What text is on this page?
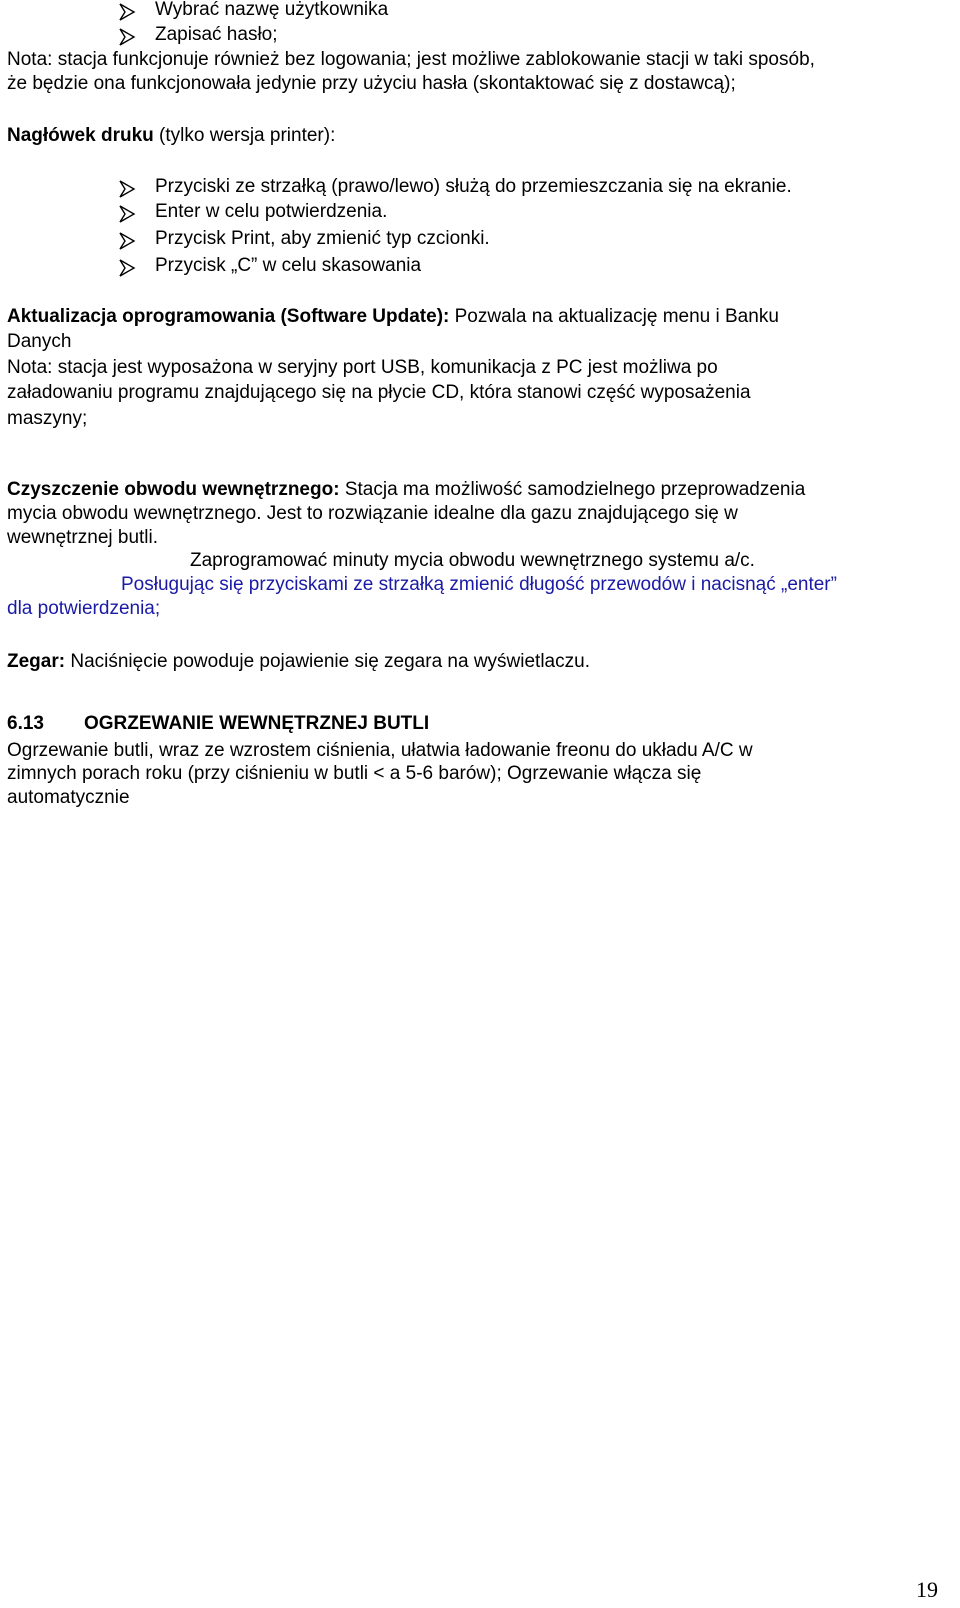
Wybrać nazwę użytkownika
Zapisać hasło;
Nota: stacja funkcjonuje również bez logowania; jest możliwe zablokowanie stacji w taki sposób,
że będzie ona funkcjonowała jedynie przy użyciu hasła (skontaktować się z dostawcą);
Nagłówek druku (tylko wersja printer):
Przyciski ze strzałką (prawo/lewo) służą do przemieszczania się na ekranie.
Enter w celu potwierdzenia.
Przycisk Print, aby zmienić typ czcionki.
Przycisk „C” w celu skasowania
Aktualizacja oprogramowania (Software Update): Pozwala na aktualizację menu i Banku
Danych
Nota: stacja jest wyposażona w seryjny port USB, komunikacja z PC jest możliwa po
załadowaniu programu znajdującego się na płycie CD, która stanowi część wyposażenia
maszyny;
Czyszczenie obwodu wewnętrznego: Stacja ma możliwość samodzielnego przeprowadzenia
mycia obwodu wewnętrznego. Jest to rozwiązanie idealne dla gazu znajdującego się w
wewnętrznej butli.
Zaprogramować minuty mycia obwodu wewnętrznego systemu a/c.
Posługując się przyciskami ze strzałką zmienić długość przewodów i nacisnąć „enter”
dla potwierdzenia;
Zegar: Naciśnięcie powoduje pojawienie się zegara na wyświetlaczu.
6.13 OGRZEWANIE WEWNĘTRZNEJ BUTLI
Ogrzewanie butli, wraz ze wzrostem ciśnienia, ułatwia ładowanie freonu do układu A/C w
zimnych porach roku (przy ciśnieniu w butli < a 5-6 barów); Ogrzewanie włącza się
automatycznie
19
